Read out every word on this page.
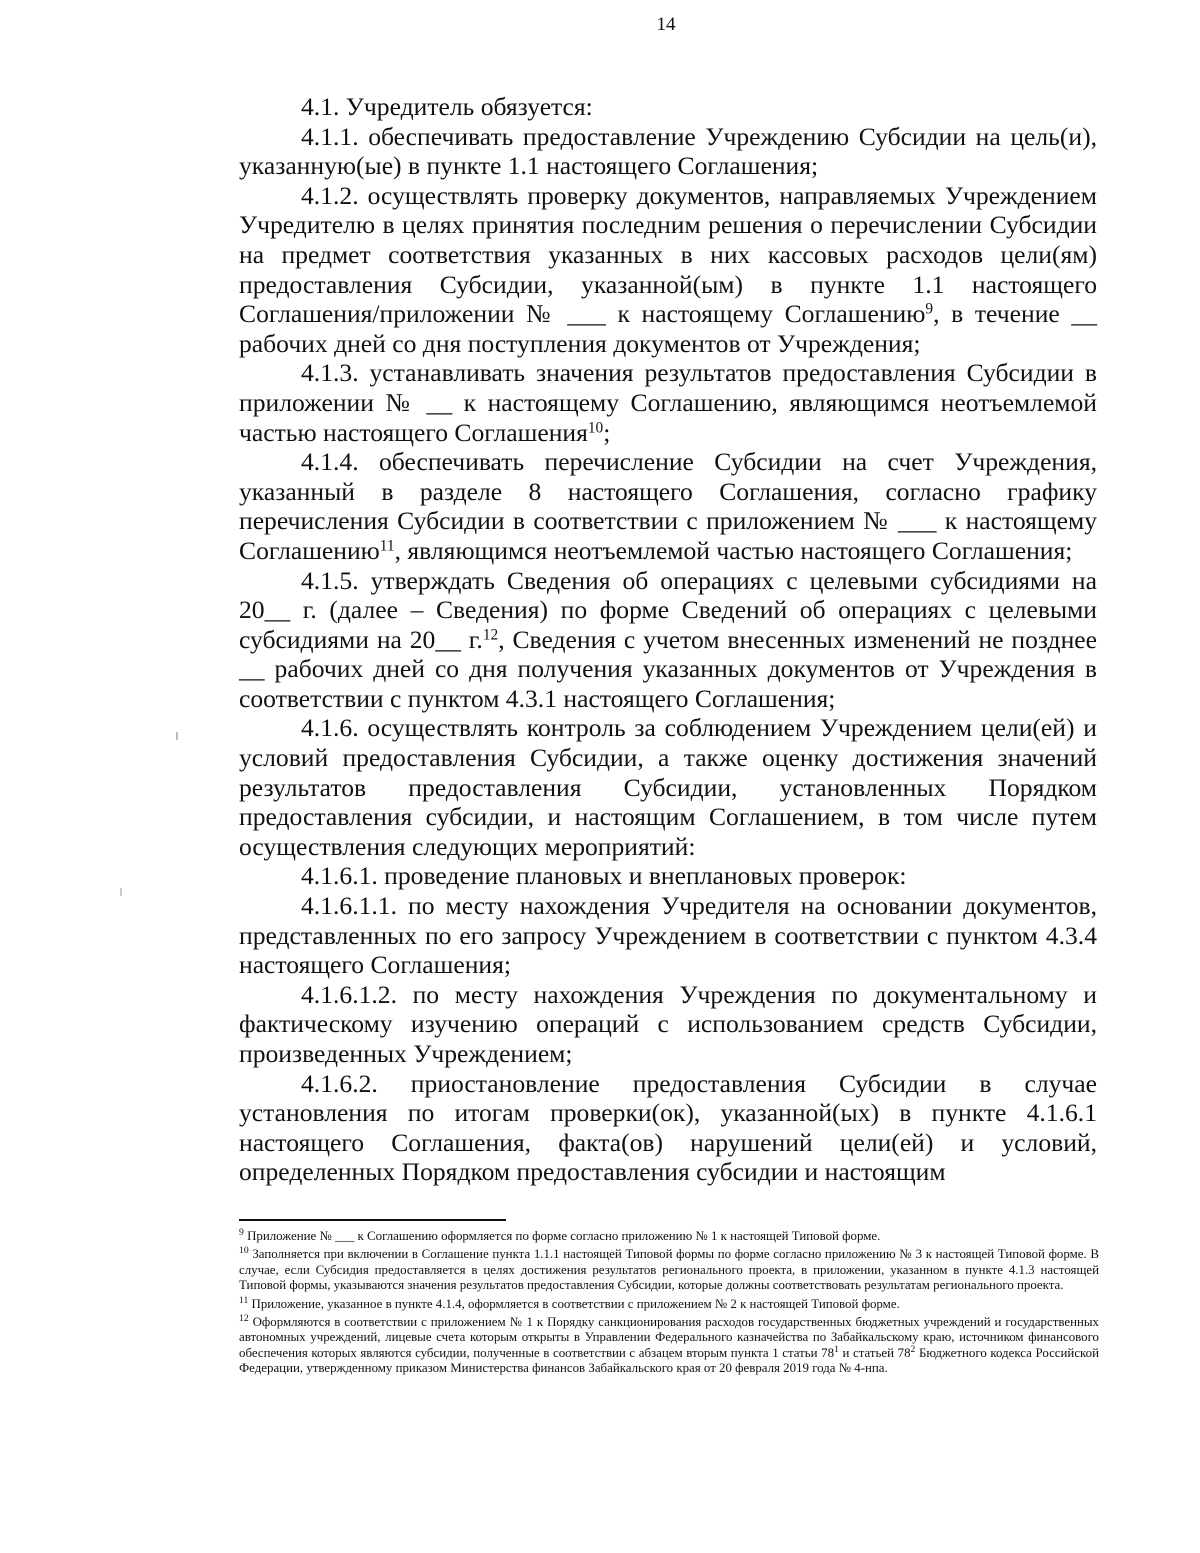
14

4.1. Учредитель обязуется:

4.1.1. обеспечивать предоставление Учреждению Субсидии на цель(и), указанную(ые) в пункте 1.1 настоящего Соглашения;

4.1.2. осуществлять проверку документов, направляемых Учреждением Учредителю в целях принятия последним решения о перечислении Субсидии на предмет соответствия указанных в них кассовых расходов цели(ям) предоставления Субсидии, указанной(ым) в пункте 1.1 настоящего Соглашения/приложении № ___ к настоящему Соглашению$^9$, в течение __ рабочих дней со дня поступления документов от Учреждения;

4.1.3. устанавливать значения результатов предоставления Субсидии в приложении № __ к настоящему Соглашению, являющимся неотъемлемой частью настоящего Соглашения$^{10}$;

4.1.4. обеспечивать перечисление Субсидии на счет Учреждения, указанный в разделе 8 настоящего Соглашения, согласно графику перечисления Субсидии в соответствии с приложением № ___ к настоящему Соглашению$^{11}$, являющимся неотъемлемой частью настоящего Соглашения;

4.1.5. утверждать Сведения об операциях с целевыми субсидиями на 20__ г. (далее – Сведения) по форме Сведений об операциях с целевыми субсидиями на 20__ г.$^{12}$, Сведения с учетом внесенных изменений не позднее __ рабочих дней со дня получения указанных документов от Учреждения в соответствии с пунктом 4.3.1 настоящего Соглашения;

4.1.6. осуществлять контроль за соблюдением Учреждением цели(ей) и условий предоставления Субсидии, а также оценку достижения значений результатов предоставления Субсидии, установленных Порядком предоставления субсидии, и настоящим Соглашением, в том числе путем осуществления следующих мероприятий:

4.1.6.1. проведение плановых и внеплановых проверок:

4.1.6.1.1. по месту нахождения Учредителя на основании документов, представленных по его запросу Учреждением в соответствии с пунктом 4.3.4 настоящего Соглашения;

4.1.6.1.2. по месту нахождения Учреждения по документальному и фактическому изучению операций с использованием средств Субсидии, произведенных Учреждением;

4.1.6.2. приостановление предоставления Субсидии в случае установления по итогам проверки(ок), указанной(ых) в пункте 4.1.6.1 настоящего Соглашения, факта(ов) нарушений цели(ей) и условий, определенных Порядком предоставления субсидии и настоящим

$^9$ Приложение № ___ к Соглашению оформляется по форме согласно приложению № 1 к настоящей Типовой форме.

$^{10}$ Заполняется при включении в Соглашение пункта 1.1.1 настоящей Типовой формы по форме согласно приложению № 3 к настоящей Типовой форме. В случае, если Субсидия предоставляется в целях достижения результатов регионального проекта, в приложении, указанном в пункте 4.1.3 настоящей Типовой формы, указываются значения результатов предоставления Субсидии, которые должны соответствовать результатам регионального проекта.

$^{11}$ Приложение, указанное в пункте 4.1.4, оформляется в соответствии с приложением № 2 к настоящей Типовой форме.

$^{12}$ Оформляются в соответствии с приложением № 1 к Порядку санкционирования расходов государственных бюджетных учреждений и государственных автономных учреждений, лицевые счета которым открыты в Управлении Федерального казначейства по Забайкальскому краю, источником финансового обеспечения которых являются субсидии, полученные в соответствии с абзацем вторым пункта 1 статьи $78^1$ и статьей $78^2$ Бюджетного кодекса Российской Федерации, утвержденному приказом Министерства финансов Забайкальского края от 20 февраля 2019 года № 4-нпа.
